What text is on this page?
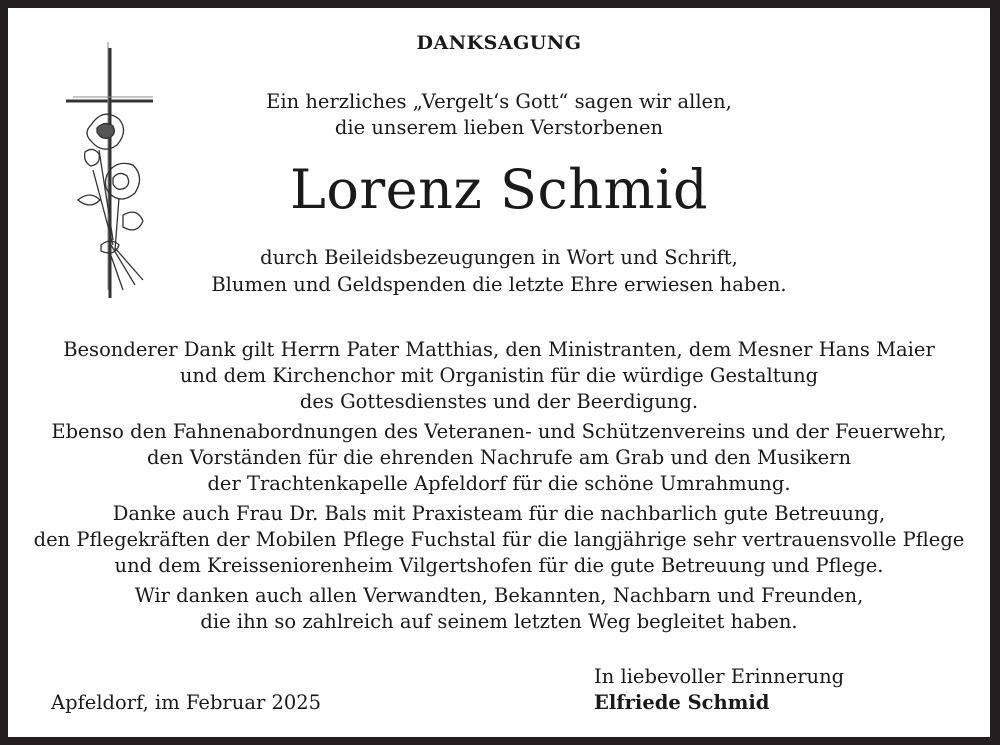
DANKSAGUNG
Ein herzliches „Vergelt‘s Gott“ sagen wir allen,
die unserem lieben Verstorbenen
Lorenz Schmid
durch Beileidsbezeugungen in Wort und Schrift,
Blumen und Geldspenden die letzte Ehre erwiesen haben.
Besonderer Dank gilt Herrn Pater Matthias, den Ministranten, dem Mesner Hans Maier
und dem Kirchenchor mit Organistin für die würdige Gestaltung
des Gottesdienstes und der Beerdigung.
Ebenso den Fahnenabordnungen des Veteranen- und Schützenvereins und der Feuerwehr,
den Vorständen für die ehrenden Nachrufe am Grab und den Musikern
der Trachtenkapelle Apfeldorf für die schöne Umrahmung.
Danke auch Frau Dr. Bals mit Praxisteam für die nachbarlich gute Betreuung,
den Pflegekräften der Mobilen Pflege Fuchstal für die langjährige sehr vertrauensvolle Pflege
und dem Kreisseniorenheim Vilgertshofen für die gute Betreuung und Pflege.
Wir danken auch allen Verwandten, Bekannten, Nachbarn und Freunden,
die ihn so zahlreich auf seinem letzten Weg begleitet haben.
Apfeldorf, im Februar 2025
In liebevoller Erinnerung
Elfriede Schmid
